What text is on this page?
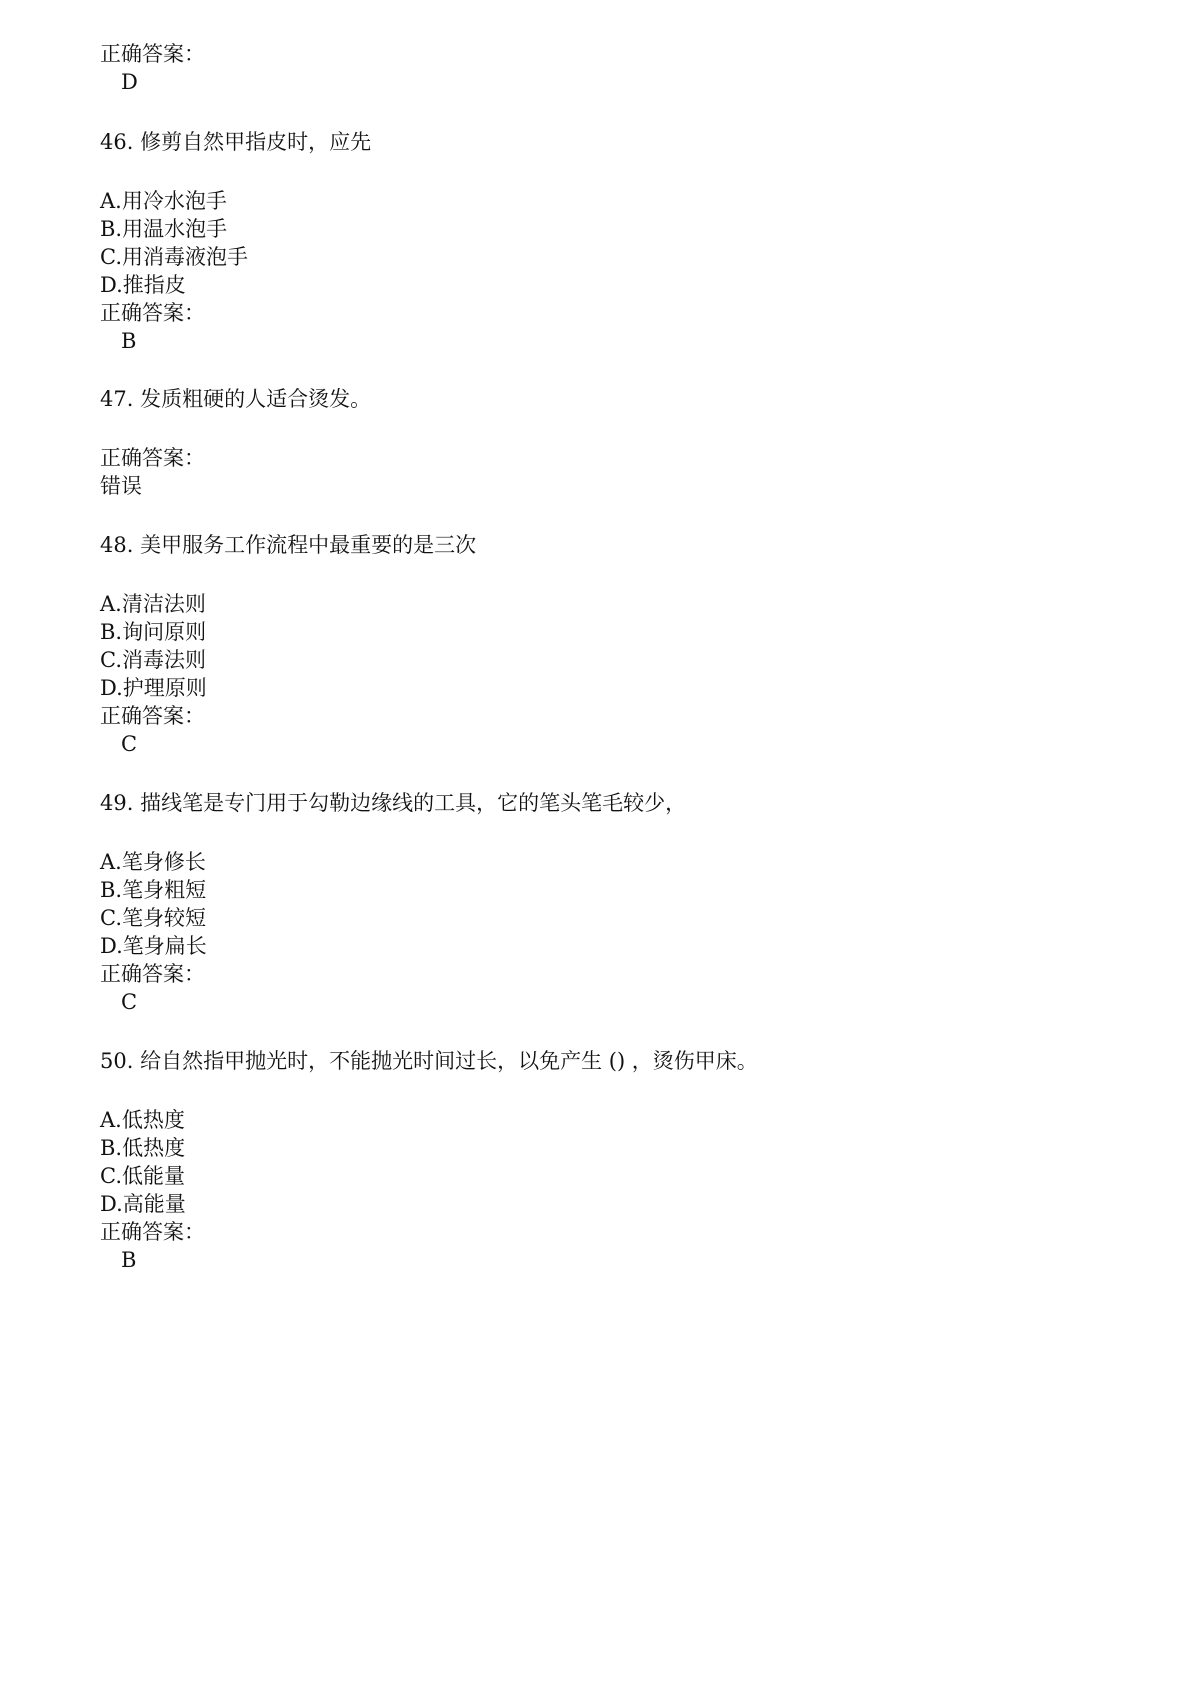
正确答案：
D
46. 修剪自然甲指皮时，应先
A.用冷水泡手
B.用温水泡手
C.用消毒液泡手
D.推指皮
正确答案：
B
47. 发质粗硬的人适合烫发。
正确答案：
错误
48. 美甲服务工作流程中最重要的是三次
A.清洁法则
B.询问原则
C.消毒法则
D.护理原则
正确答案：
C
49. 描线笔是专门用于勾勒边缘线的工具，它的笔头笔毛较少，
A.笔身修长
B.笔身粗短
C.笔身较短
D.笔身扁长
正确答案：
C
50. 给自然指甲抛光时，不能抛光时间过长，以免产生 () ，烫伤甲床。
A.低热度
B.低热度
C.低能量
D.高能量
正确答案：
B
